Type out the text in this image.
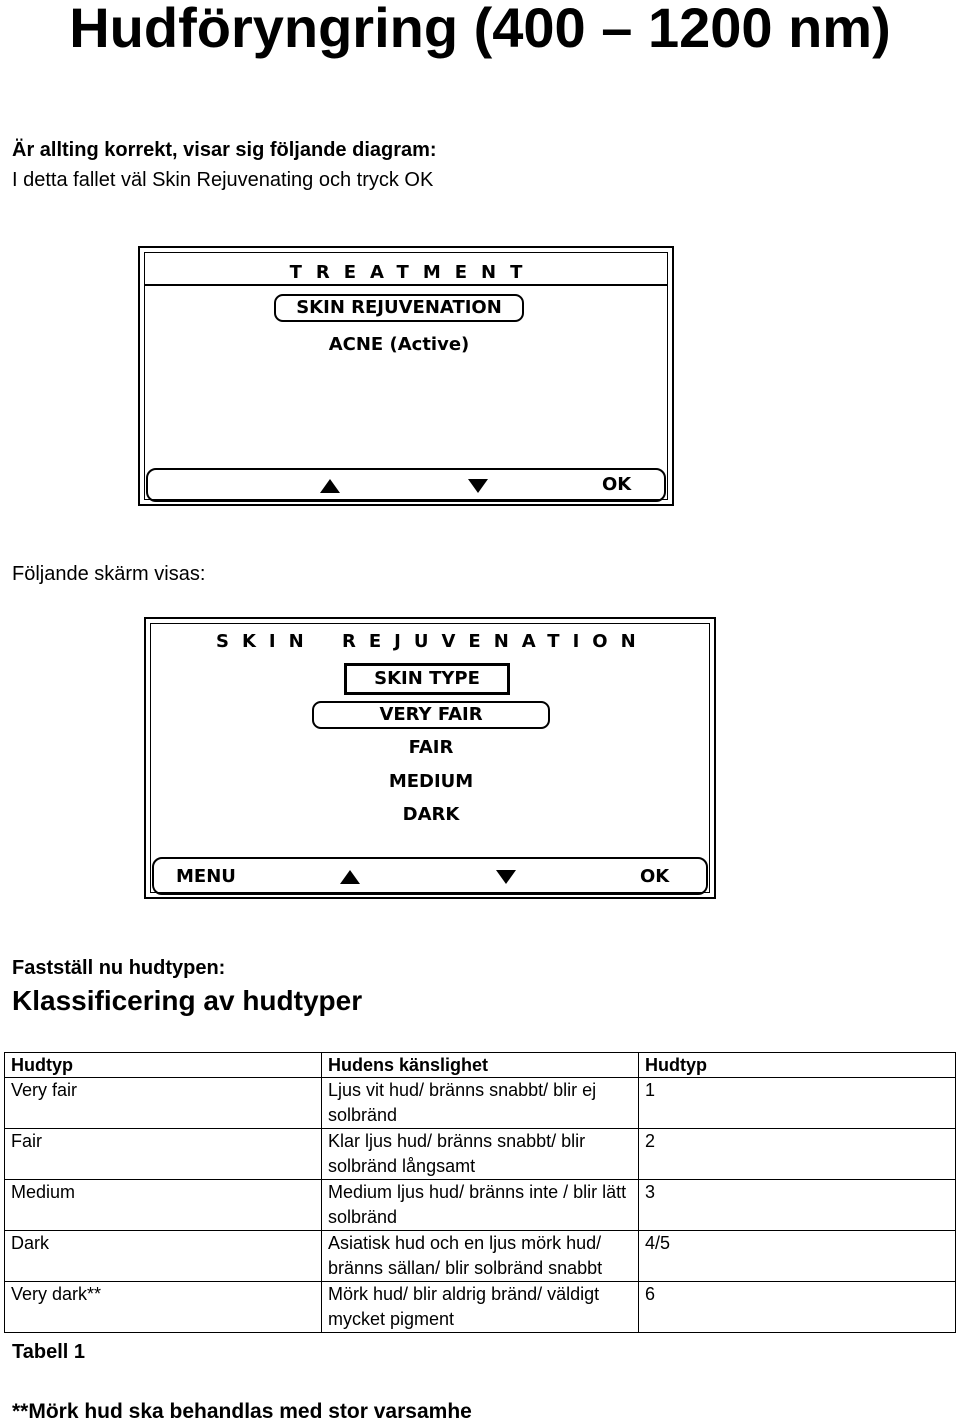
Hudföryngring (400 – 1200 nm)
Är allting korrekt, visar sig följande diagram:
I detta fallet väl Skin Rejuvenating och tryck OK
TREATMENT
SKIN REJUVENATION
ACNE (Active)
OK
Följande skärm visas:
SKIN REJUVENATION
SKIN TYPE
VERY FAIR
FAIR
MEDIUM
DARK
MENU	OK
Fastställ nu hudtypen:
Klassificering av hudtyper
Hudtyp	Hudens känslighet	Hudtyp
Very fair	Ljus vit hud/ bränns snabbt/ blir ej solbränd	1
Fair	Klar ljus hud/ bränns snabbt/ blir solbränd långsamt	2
Medium	Medium ljus hud/ bränns inte / blir lätt solbränd	3
Dark	Asiatisk hud och en ljus mörk hud/ bränns sällan/ blir solbränd snabbt	4/5
Very dark**	Mörk hud/ blir aldrig bränd/ väldigt mycket pigment	6
Tabell 1
**Mörk hud ska behandlas med stor varsamhe
